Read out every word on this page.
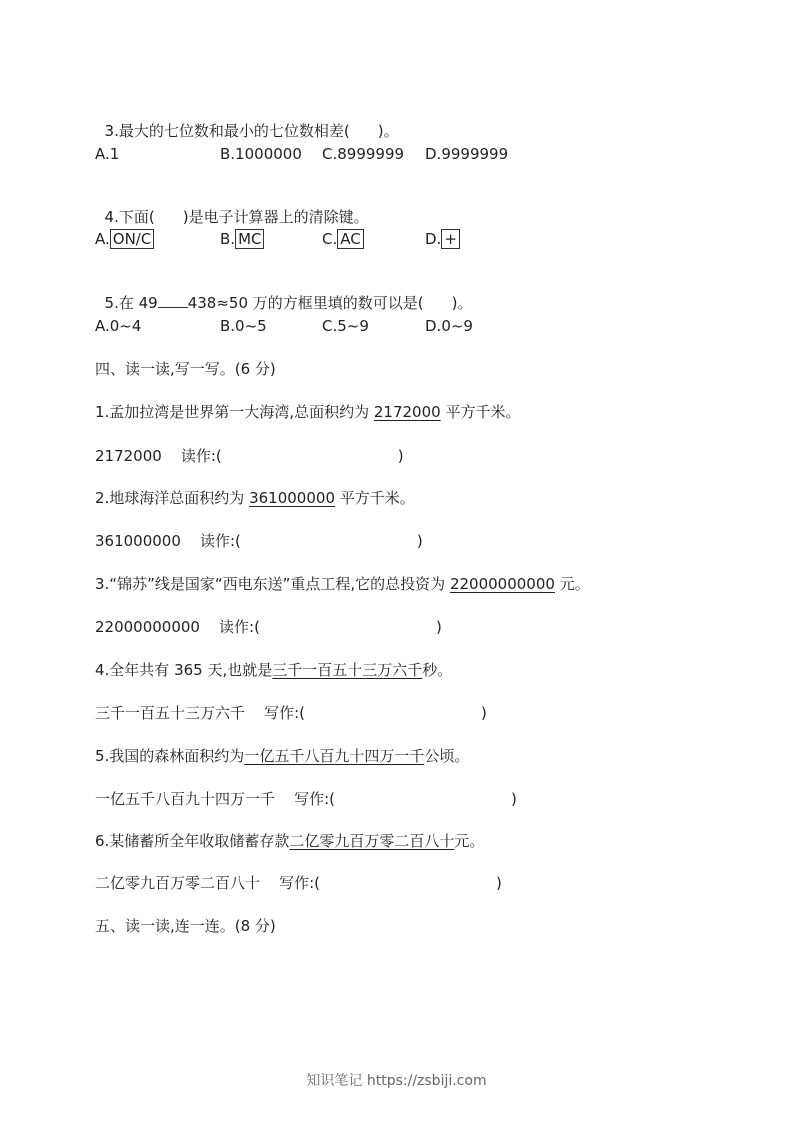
3.最大的七位数和最小的七位数相差( )。

A.1	B.1000000 C.8999999 D.9999999

4.下面( )是电子计算器上的清除键。

A. ON/C	B. MC	C. AC	D. +

5.在 49 438≈50 万的方框里填的数可以是( )。

A.0~4	B.0~5	C.5~9	D.0~9
四、读一读,写一写。(6 分)
1.孟加拉湾是世界第一大海湾,总面积约为 2172000 平方千米。
2172000    读作:(	)
2.地球海洋总面积约为 361000000 平方千米。
361000000    读作:(	)
3.“锦苏”线是国家“西电东送”重点工程,它的总投资为 22000000000 元。
22000000000    读作:(	)
4.全年共有 365 天,也就是三千一百五十三万六千秒。
三千一百五十三万六千    写作:(	)
5.我国的森林面积约为一亿五千八百九十四万一千公顷。
一亿五千八百九十四万一千    写作:(	)
6.某储蓄所全年收取储蓄存款二亿零九百万零二百八十元。
二亿零九百万零二百八十    写作:(	)
五、读一读,连一连。(8 分)
知识笔记 https://zsbiji.com
